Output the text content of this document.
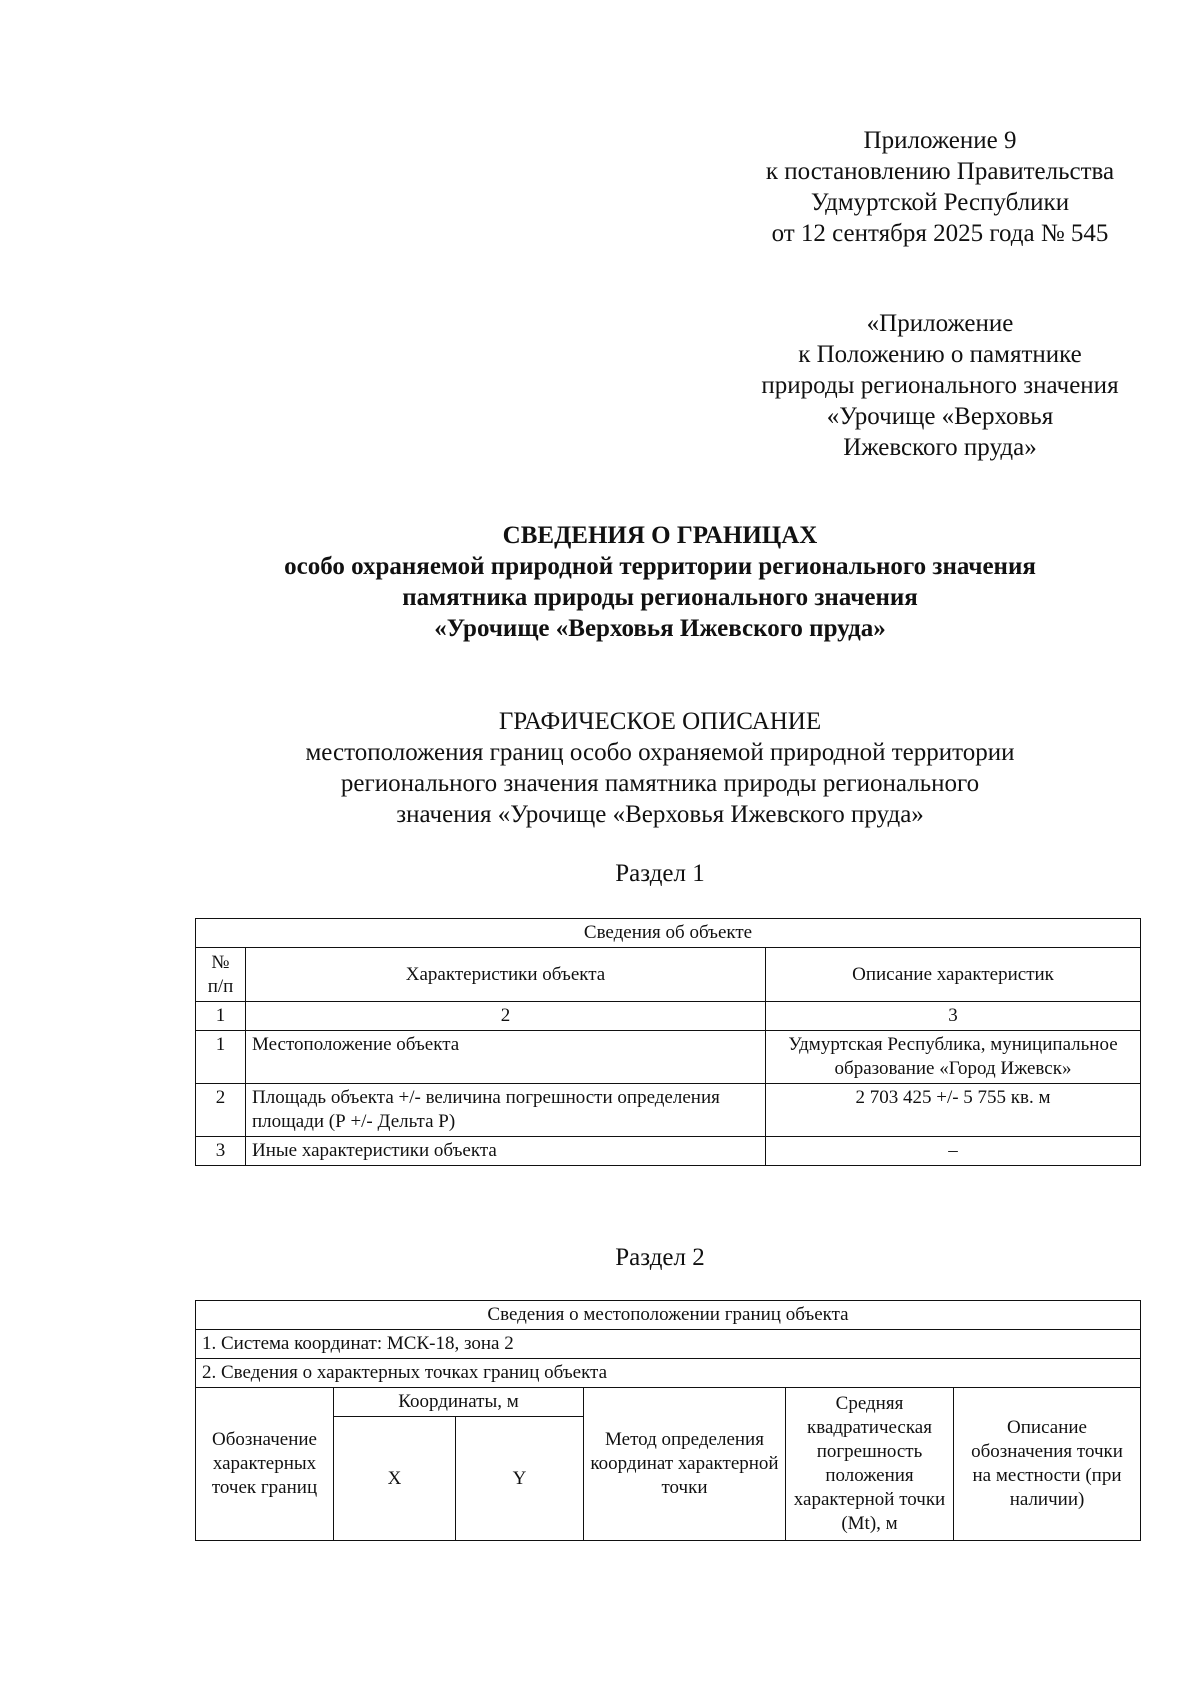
Приложение 9
к постановлению Правительства
Удмуртской Республики
от 12 сентября 2025 года № 545
«Приложение
к Положению о памятнике
природы регионального значения
«Урочище «Верховья
Ижевского пруда»
СВЕДЕНИЯ О ГРАНИЦАХ
особо охраняемой природной территории регионального значения
памятника природы регионального значения
«Урочище «Верховья Ижевского пруда»
ГРАФИЧЕСКОЕ ОПИСАНИЕ
местоположения границ особо охраняемой природной территории
регионального значения памятника природы регионального
значения «Урочище «Верховья Ижевского пруда»
Раздел 1
Сведения об объекте		
№ п/п	Характеристики объекта	Описание характеристик
1	2	3
1	Местоположение объекта	Удмуртская Республика, муниципальное образование «Город Ижевск»
2	Площадь объекта +/- величина погрешности определения площади (Р +/- Дельта Р)	2 703 425 +/- 5 755 кв. м
3	Иные характеристики объекта	–
Раздел 2
Сведения о местоположении границ объекта					
1. Система координат: МСК-18, зона 2					
2. Сведения о характерных точках границ объекта					
Обозначение характерных точек границ	Координаты, м		Метод определения координат характерной точки	Средняя квадратическая погрешность положения характерной точки (Mt), м	Описание обозначения точки на местности (при наличии)
	X	Y			
